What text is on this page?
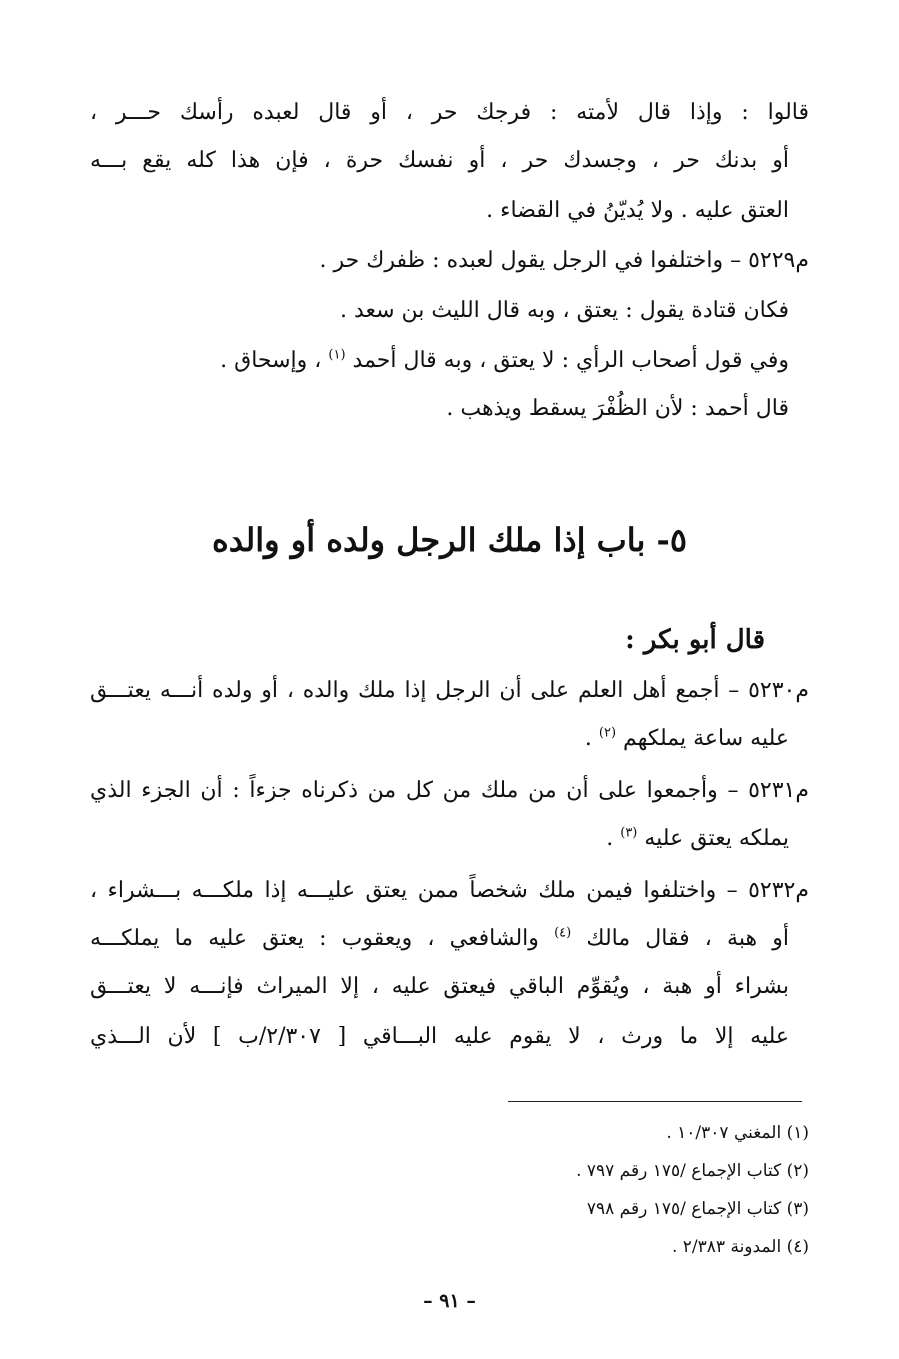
قالوا : وإذا قال لأمته : فرجك حر ، أو قال لعبده رأسك حـــر ،
أو بدنك حر ، وجسدك حر ، أو نفسك حرة ، فإن هذا كله يقع بـــه
العتق عليه . ولا يُديّنُ في القضاء .
م٥٢٢٩ – واختلفوا في الرجل يقول لعبده : ظفرك حر .
فكان قتادة يقول : يعتق ، وبه قال الليث بن سعد .
وفي قول أصحاب الرأي : لا يعتق ، وبه قال أحمد $^{(١)}$ ، وإسحاق .
قال أحمد : لأن الظُفْرَ يسقط ويذهب .
٥- باب إذا ملك الرجل ولده أو والده
قال أبو بكر :
م٥٢٣٠ – أجمع أهل العلم على أن الرجل إذا ملك والده ، أو ولده أنـــه يعتـــق
عليه ساعة يملكهم $^{(٢)}$ .
م٥٢٣١ – وأجمعوا على أن من ملك من كل من ذكرناه جزءاً : أن الجزء الذي
يملكه يعتق عليه $^{(٣)}$ .
م٥٢٣٢ – واختلفوا فيمن ملك شخصاً ممن يعتق عليـــه إذا ملكـــه بـــشراء ،
أو هبة ، فقال مالك $^{(٤)}$ والشافعي ، ويعقوب : يعتق عليه ما يملكـــه
بشراء أو هبة ، ويُقوِّم الباقي فيعتق عليه ، إلا الميراث فإنـــه لا يعتـــق
عليه إلا ما ورث ، لا يقوم عليه البـــاقي [ ٢/٣٠٧/ب ] لأن الـــذي
(١) المغني ١٠/٣٠٧ .
(٢) كتاب الإجماع /١٧٥ رقم ٧٩٧ .
(٣) كتاب الإجماع /١٧٥ رقم ٧٩٨
(٤) المدونة ٢/٣٨٣ .
– ٩١ –
